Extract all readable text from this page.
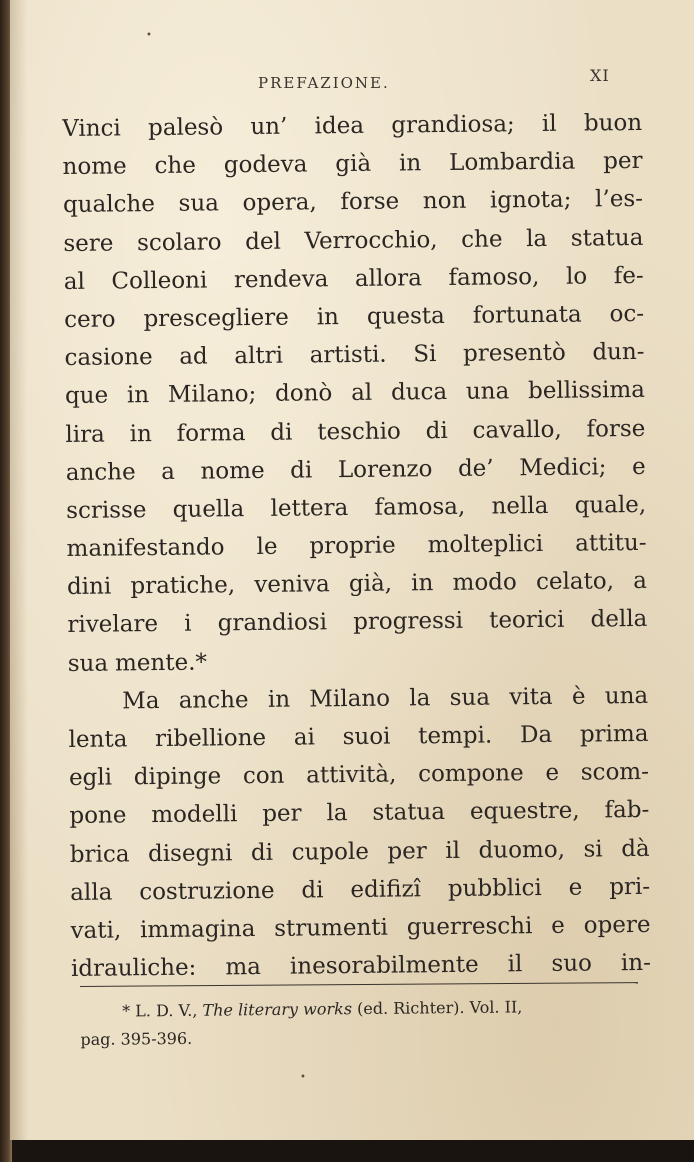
•
•
PREFAZIONE.	XI
Vinci palesò un’ idea grandiosa; il buon
nome che godeva già in Lombardia per
qualche sua opera, forse non ignota; l’es-
sere scolaro del Verrocchio, che la statua
al Colleoni rendeva allora famoso, lo fe-
cero prescegliere in questa fortunata oc-
casione ad altri artisti. Si presentò dun-
que in Milano; donò al duca una bellissima
lira in forma di teschio di cavallo, forse
anche a nome di Lorenzo de’ Medici; e
scrisse quella lettera famosa, nella quale,
manifestando le proprie molteplici attitu-
dini pratiche, veniva già, in modo celato, a
rivelare i grandiosi progressi teorici della
sua mente.*
Ma anche in Milano la sua vita è una
lenta ribellione ai suoi tempi. Da prima
egli dipinge con attività, compone e scom-
pone modelli per la statua equestre, fab-
brica disegni di cupole per il duomo, si dà
alla costruzione di edifizî pubblici e pri-
vati, immagina strumenti guerreschi e opere
idrauliche: ma inesorabilmente il suo in-
* L. D. V., The literary works (ed. Richter). Vol. II,
pag. 395-396.
